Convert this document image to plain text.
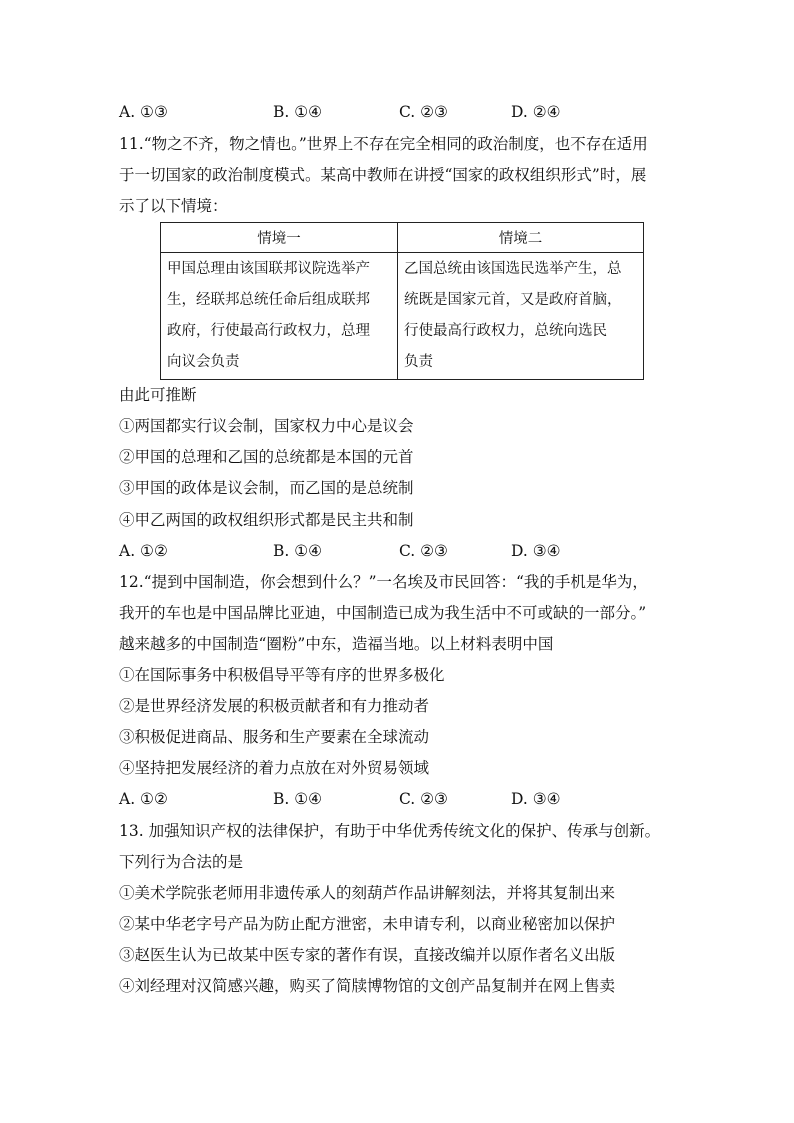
A. ①③	B. ①④	C. ②③	D. ②④
11.“物之不齐，物之情也。”世界上不存在完全相同的政治制度，也不存在适用
于一切国家的政治制度模式。某高中教师在讲授“国家的政权组织形式”时，展
示了以下情境：
情境一	情境二

甲国总理由该国联邦议院选举产
生，经联邦总统任命后组成联邦
政府，行使最高行政权力，总理
向议会负责	乙国总统由该国选民选举产生，总
统既是国家元首，又是政府首脑，
行使最高行政权力，总统向选民
负责
由此可推断
①两国都实行议会制，国家权力中心是议会
②甲国的总理和乙国的总统都是本国的元首
③甲国的政体是议会制，而乙国的是总统制
④甲乙两国的政权组织形式都是民主共和制
A. ①②	B. ①④	C. ②③	D. ③④
12.“提到中国制造，你会想到什么？”一名埃及市民回答：“我的手机是华为，
我开的车也是中国品牌比亚迪，中国制造已成为我生活中不可或缺的一部分。”
越来越多的中国制造“圈粉”中东，造福当地。以上材料表明中国
①在国际事务中积极倡导平等有序的世界多极化
②是世界经济发展的积极贡献者和有力推动者
③积极促进商品、服务和生产要素在全球流动
④坚持把发展经济的着力点放在对外贸易领域
A. ①②	B. ①④	C. ②③	D. ③④
13. 加强知识产权的法律保护，有助于中华优秀传统文化的保护、传承与创新。
下列行为合法的是
①美术学院张老师用非遗传承人的刻葫芦作品讲解刻法，并将其复制出来
②某中华老字号产品为防止配方泄密，未申请专利，以商业秘密加以保护
③赵医生认为已故某中医专家的著作有误，直接改编并以原作者名义出版
④刘经理对汉简感兴趣，购买了简牍博物馆的文创产品复制并在网上售卖
